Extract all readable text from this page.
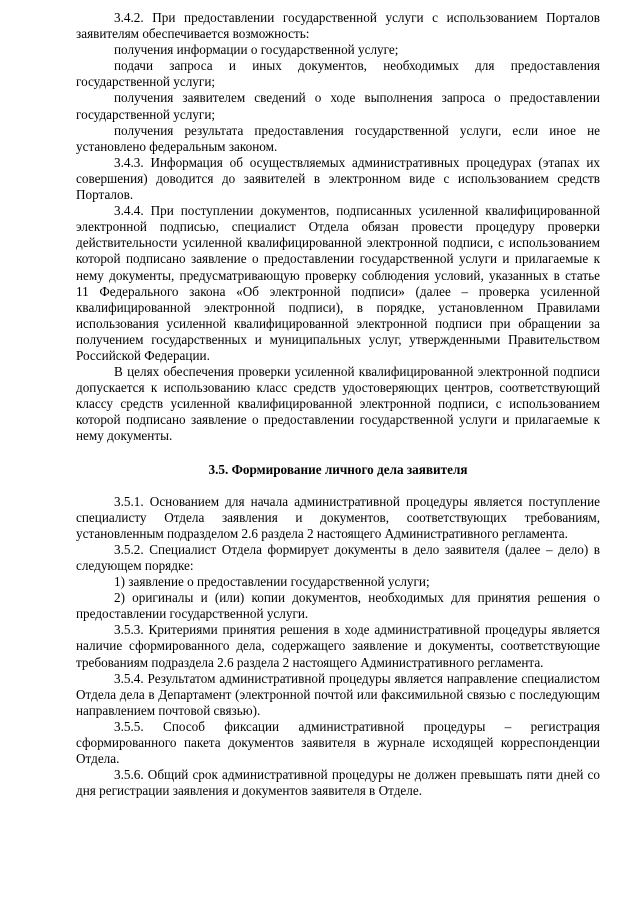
3.4.2. При предоставлении государственной услуги с использованием Порталов заявителям обеспечивается возможность:

получения информации о государственной услуге;

подачи запроса и иных документов, необходимых для предоставления государственной услуги;

получения заявителем сведений о ходе выполнения запроса о предоставлении государственной услуги;

получения результата предоставления государственной услуги, если иное не установлено федеральным законом.

3.4.3. Информация об осуществляемых административных процедурах (этапах их совершения) доводится до заявителей в электронном виде с использованием средств Порталов.

3.4.4. При поступлении документов, подписанных усиленной квалифицированной электронной подписью, специалист Отдела обязан провести процедуру проверки действительности усиленной квалифицированной электронной подписи, с использованием которой подписано заявление о предоставлении государственной услуги и прилагаемые к нему документы, предусматривающую проверку соблюдения условий, указанных в статье 11 Федерального закона «Об электронной подписи» (далее – проверка усиленной квалифицированной электронной подписи), в порядке, установленном Правилами использования усиленной квалифицированной электронной подписи при обращении за получением государственных и муниципальных услуг, утвержденными Правительством Российской Федерации.

В целях обеспечения проверки усиленной квалифицированной электронной подписи допускается к использованию класс средств удостоверяющих центров, соответствующий классу средств усиленной квалифицированной электронной подписи, с использованием которой подписано заявление о предоставлении государственной услуги и прилагаемые к нему документы.

3.5. Формирование личного дела заявителя

3.5.1. Основанием для начала административной процедуры является поступление специалисту Отдела заявления и документов, соответствующих требованиям, установленным подразделом 2.6 раздела 2 настоящего Административного регламента.

3.5.2. Специалист Отдела формирует документы в дело заявителя (далее – дело) в следующем порядке:

1) заявление о предоставлении государственной услуги;

2) оригиналы и (или) копии документов, необходимых для принятия решения о предоставлении государственной услуги.

3.5.3. Критериями принятия решения в ходе административной процедуры является наличие сформированного дела, содержащего заявление и документы, соответствующие требованиям подраздела 2.6 раздела 2 настоящего Административного регламента.

3.5.4. Результатом административной процедуры является направление специалистом Отдела дела в Департамент (электронной почтой или факсимильной связью с последующим направлением почтовой связью).

3.5.5. Способ фиксации административной процедуры – регистрация сформированного пакета документов заявителя в журнале исходящей корреспонденции Отдела.

3.5.6. Общий срок административной процедуры не должен превышать пяти дней со дня регистрации заявления и документов заявителя в Отделе.
